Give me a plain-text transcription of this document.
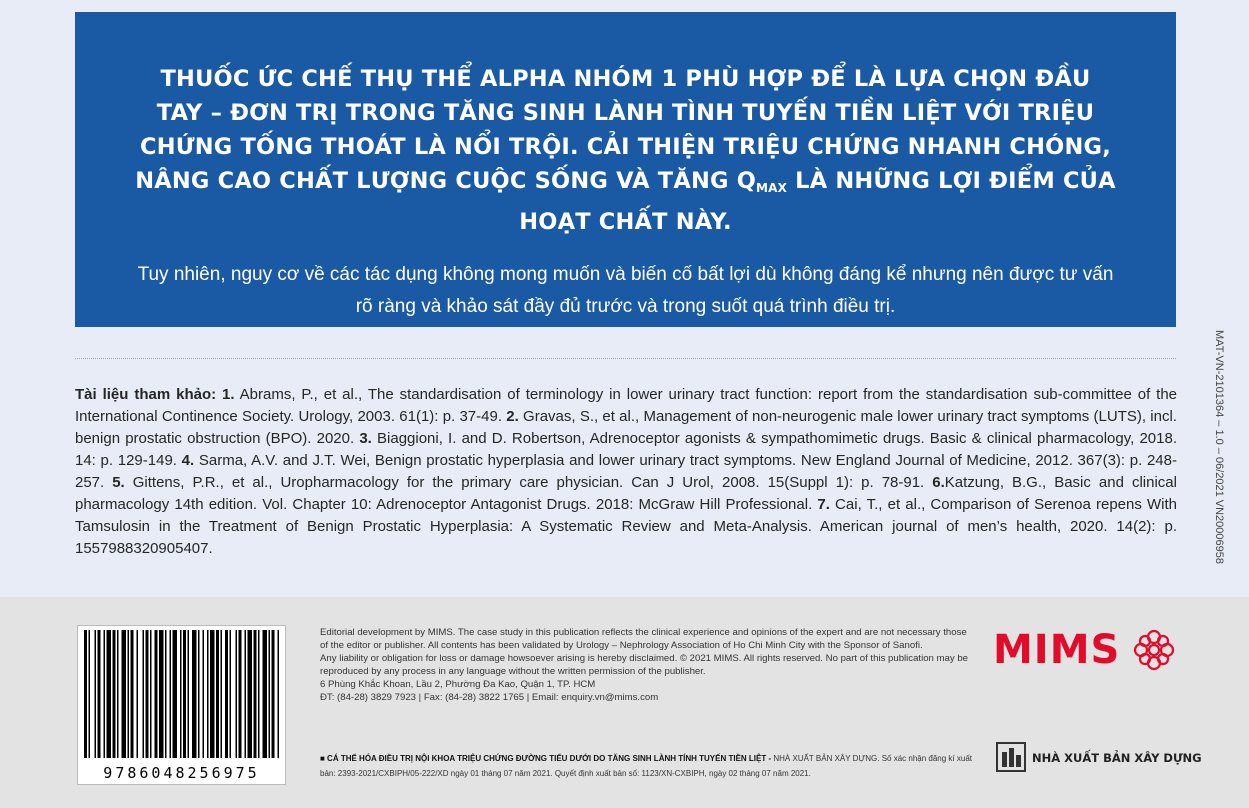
THUỐC ỨC CHẾ THỤ THỂ ALPHA NHÓM 1 PHÙ HỢP ĐỂ LÀ LỰA CHỌN ĐẦU TAY – ĐƠN TRỊ TRONG TĂNG SINH LÀNH TÌNH TUYẾN TIỀN LIỆT VỚI TRIỆU CHỨNG TỐNG THOÁT LÀ NỔI TRỘI. CẢI THIỆN TRIỆU CHỨNG NHANH CHÓNG, NÂNG CAO CHẤT LƯỢNG CUỘC SỐNG VÀ TĂNG $Q_{MAX}$ LÀ NHỮNG LỢI ĐIỂM CỦA HOẠT CHẤT NÀY.

Tuy nhiên, nguy cơ về các tác dụng không mong muốn và biến cố bất lợi dù không đáng kể nhưng nên được tư vấn rõ ràng và khảo sát đầy đủ trước và trong suốt quá trình điều trị.

Tài liệu tham khảo: 1. Abrams, P., et al., The standardisation of terminology in lower urinary tract function: report from the standardisation sub-committee of the International Continence Society. Urology, 2003. 61(1): p. 37-49. 2. Gravas, S., et al., Management of non-neurogenic male lower urinary tract symptoms (LUTS), incl. benign prostatic obstruction (BPO). 2020. 3. Biaggioni, I. and D. Robertson, Adrenoceptor agonists & sympathomimetic drugs. Basic & clinical pharmacology, 2018. 14: p. 129-149. 4. Sarma, A.V. and J.T. Wei, Benign prostatic hyperplasia and lower urinary tract symptoms. New England Journal of Medicine, 2012. 367(3): p. 248-257. 5. Gittens, P.R., et al., Uropharmacology for the primary care physician. Can J Urol, 2008. 15(Suppl 1): p. 78-91. 6.Katzung, B.G., Basic and clinical pharmacology 14th edition. Vol. Chapter 10: Adrenoceptor Antagonist Drugs. 2018: McGraw Hill Professional. 7. Cai, T., et al., Comparison of Serenoa repens With Tamsulosin in the Treatment of Benign Prostatic Hyperplasia: A Systematic Review and Meta-Analysis. American journal of men’s health, 2020. 14(2): p. 1557988320905407.	MAT-VN-2101364 – 1.0 – 06/2021 VN20006958
9786048256975

Editorial development by MIMS. The case study in this publication reflects the clinical experience and opinions of the expert and are not necessary those of the editor or publisher. All contents has been validated by Urology – Nephrology Association of Ho Chi Minh City with the Sponsor of Sanofi.

Any liability or obligation for loss or damage howsoever arising is hereby disclaimed. © 2021 MIMS. All rights reserved. No part of this publication may be reproduced by any process in any language without the written permission of the publisher.

6 Phùng Khắc Khoan, Lầu 2, Phường Đa Kao, Quận 1, TP. HCM

ĐT: (84-28) 3829 7923 | Fax: (84-28) 3822 1765 | Email: enquiry.vn@mims.com

MIMS
■ CÁ THỂ HÓA ĐIỀU TRỊ NỘI KHOA TRIỆU CHỨNG ĐƯỜNG TIỂU DƯỚI DO TĂNG SINH LÀNH TÍNH TUYẾN TIỀN LIỆT - NHÀ XUẤT BẢN XÂY DỰNG. Số xác nhận đăng kí xuất bản: 2393-2021/CXBIPH/05-222/XD ngày 01 tháng 07 năm 2021. Quyết định xuất bản số: 1123/XN-CXBIPH, ngày 02 tháng 07 năm 2021.
NHÀ XUẤT BẢN XÂY DỰNG
